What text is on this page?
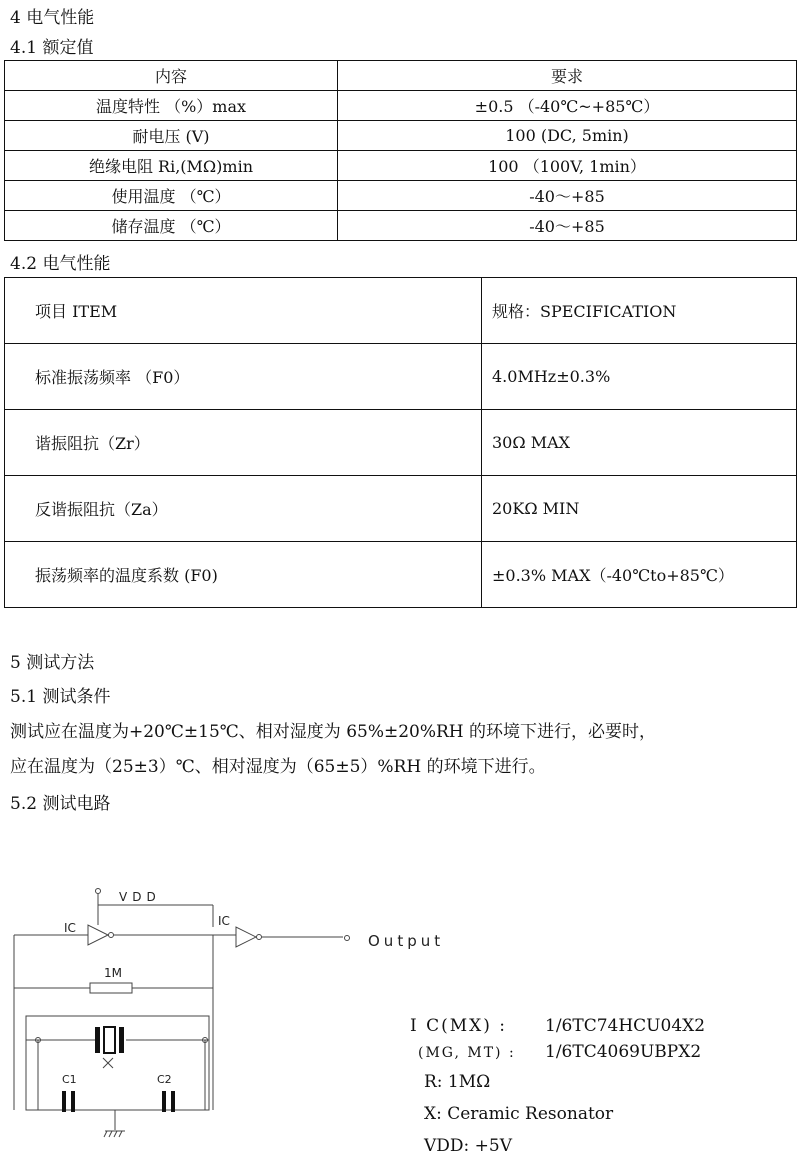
4 电气性能
4.1 额定值
内容	要求
温度特性 （%）max	±0.5 （-40℃~+85℃）
耐电压 (V)	100 (DC, 5min)
绝缘电阻 Ri,(MΩ)min	100 （100V, 1min）
使用温度 （℃）	-40～+85
储存温度 （℃）	-40～+85
4.2 电气性能
项目 ITEM	规格：SPECIFICATION
标准振荡频率 （F0）	4.0MHz±0.3%
谐振阻抗（Zr）	30Ω MAX
反谐振阻抗（Za）	20KΩ MIN
振荡频率的温度系数 (F0)	±0.3% MAX（-40℃to+85℃）
5 测试方法
5.1 测试条件
测试应在温度为+20℃±15℃、相对湿度为 65%±20%RH 的环境下进行，必要时，
应在温度为（25±3）℃、相对湿度为（65±5）%RH 的环境下进行。
5.2 测试电路
VDD
IC	IC
Output
1M
C1	C2
I C(MX) : 1/6TC74HCU04X2
(MG, MT) : 1/6TC4069UBPX2
R: 1MΩ
X: Ceramic Resonator
VDD: +5V
